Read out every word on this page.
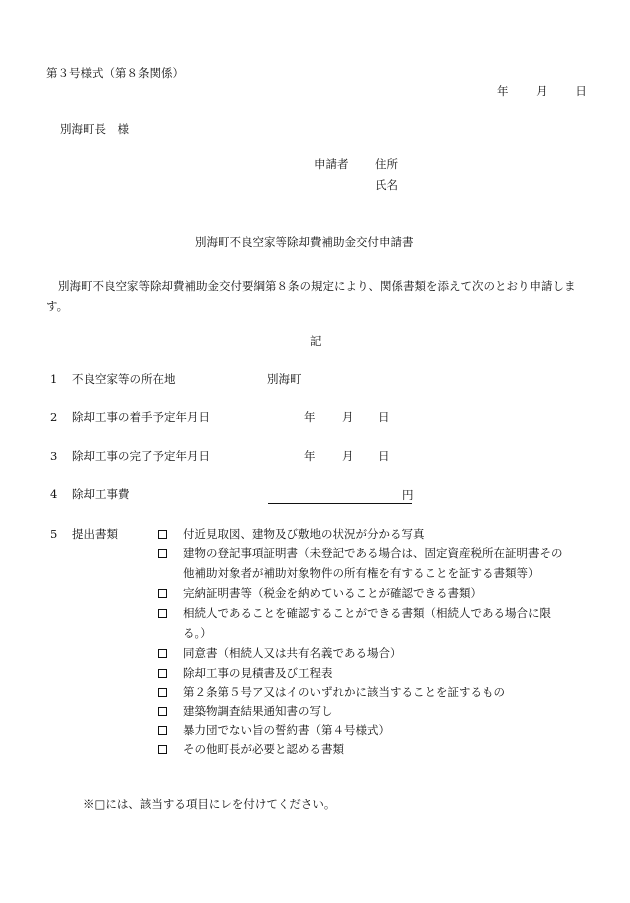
第３号様式（第８条関係）
年 月 日
別海町長　様
申請者 住所
氏名
別海町不良空家等除却費補助金交付申請書
別海町不良空家等除却費補助金交付要綱第８条の規定により、関係書類を添えて次のとおり申請します。
記
1 不良空家等の所在地	別海町
2 除却工事の着手予定年月日	年 月 日
3 除却工事の完了予定年月日	年 月 日
4 除却工事費	円
5 提出書類	付近見取図、建物及び敷地の状況が分かる写真
建物の登記事項証明書（未登記である場合は、固定資産税所在証明書その
他補助対象者が補助対象物件の所有権を有することを証する書類等）
完納証明書等（税金を納めていることが確認できる書類）
相続人であることを確認することができる書類（相続人である場合に限
る。）
同意書（相続人又は共有名義である場合）
除却工事の見積書及び工程表
第２条第５号ア又はイのいずれかに該当することを証するもの
建築物調査結果通知書の写し
暴力団でない旨の誓約書（第４号様式）
その他町長が必要と認める書類
※□には、該当する項目にレを付けてください。
